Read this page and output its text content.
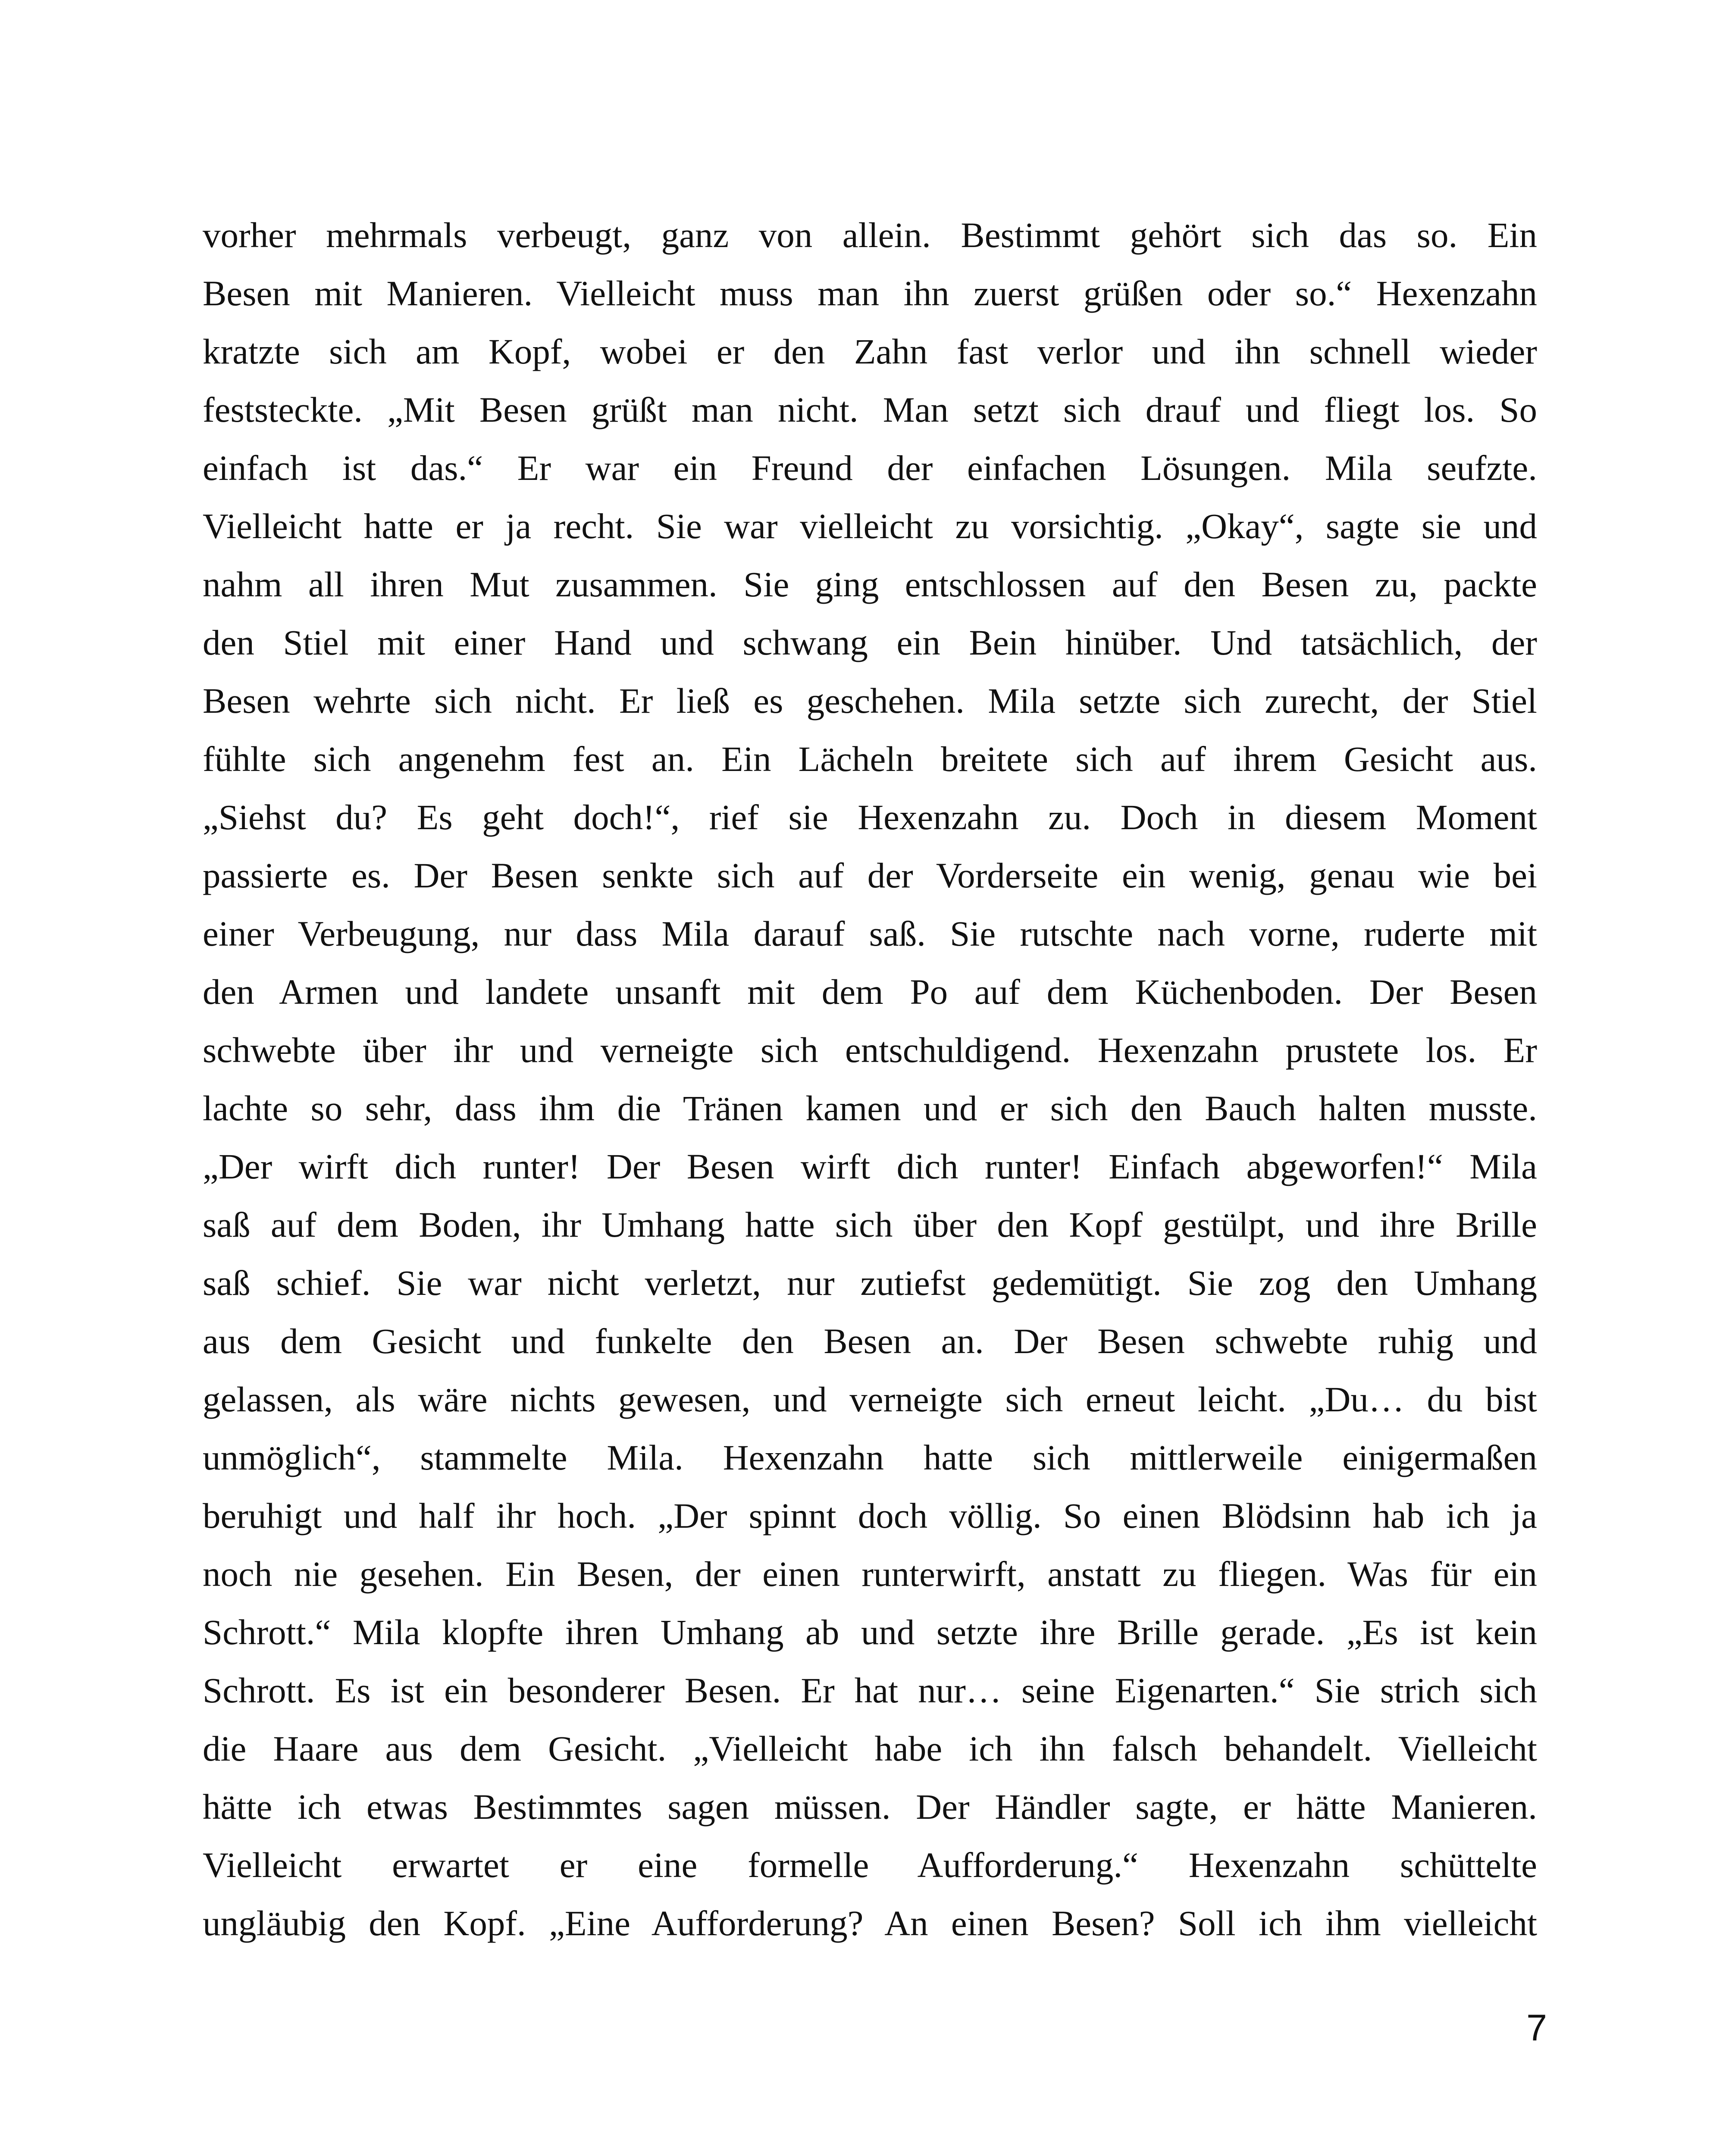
vorher mehrmals verbeugt, ganz von allein. Bestimmt gehört sich das so. Ein
Besen mit Manieren. Vielleicht muss man ihn zuerst grüßen oder so.“ Hexenzahn
kratzte sich am Kopf, wobei er den Zahn fast verlor und ihn schnell wieder
feststeckte. „Mit Besen grüßt man nicht. Man setzt sich drauf und fliegt los. So
einfach ist das.“ Er war ein Freund der einfachen Lösungen. Mila seufzte.
Vielleicht hatte er ja recht. Sie war vielleicht zu vorsichtig. „Okay“, sagte sie und
nahm all ihren Mut zusammen. Sie ging entschlossen auf den Besen zu, packte
den Stiel mit einer Hand und schwang ein Bein hinüber. Und tatsächlich, der
Besen wehrte sich nicht. Er ließ es geschehen. Mila setzte sich zurecht, der Stiel
fühlte sich angenehm fest an. Ein Lächeln breitete sich auf ihrem Gesicht aus.
„Siehst du? Es geht doch!“, rief sie Hexenzahn zu. Doch in diesem Moment
passierte es. Der Besen senkte sich auf der Vorderseite ein wenig, genau wie bei
einer Verbeugung, nur dass Mila darauf saß. Sie rutschte nach vorne, ruderte mit
den Armen und landete unsanft mit dem Po auf dem Küchenboden. Der Besen
schwebte über ihr und verneigte sich entschuldigend. Hexenzahn prustete los. Er
lachte so sehr, dass ihm die Tränen kamen und er sich den Bauch halten musste.
„Der wirft dich runter! Der Besen wirft dich runter! Einfach abgeworfen!“ Mila
saß auf dem Boden, ihr Umhang hatte sich über den Kopf gestülpt, und ihre Brille
saß schief. Sie war nicht verletzt, nur zutiefst gedemütigt. Sie zog den Umhang
aus dem Gesicht und funkelte den Besen an. Der Besen schwebte ruhig und
gelassen, als wäre nichts gewesen, und verneigte sich erneut leicht. „Du… du bist
unmöglich“, stammelte Mila. Hexenzahn hatte sich mittlerweile einigermaßen
beruhigt und half ihr hoch. „Der spinnt doch völlig. So einen Blödsinn hab ich ja
noch nie gesehen. Ein Besen, der einen runterwirft, anstatt zu fliegen. Was für ein
Schrott.“ Mila klopfte ihren Umhang ab und setzte ihre Brille gerade. „Es ist kein
Schrott. Es ist ein besonderer Besen. Er hat nur… seine Eigenarten.“ Sie strich sich
die Haare aus dem Gesicht. „Vielleicht habe ich ihn falsch behandelt. Vielleicht
hätte ich etwas Bestimmtes sagen müssen. Der Händler sagte, er hätte Manieren.
Vielleicht erwartet er eine formelle Aufforderung.“ Hexenzahn schüttelte
ungläubig den Kopf. „Eine Aufforderung? An einen Besen? Soll ich ihm vielleicht
7
